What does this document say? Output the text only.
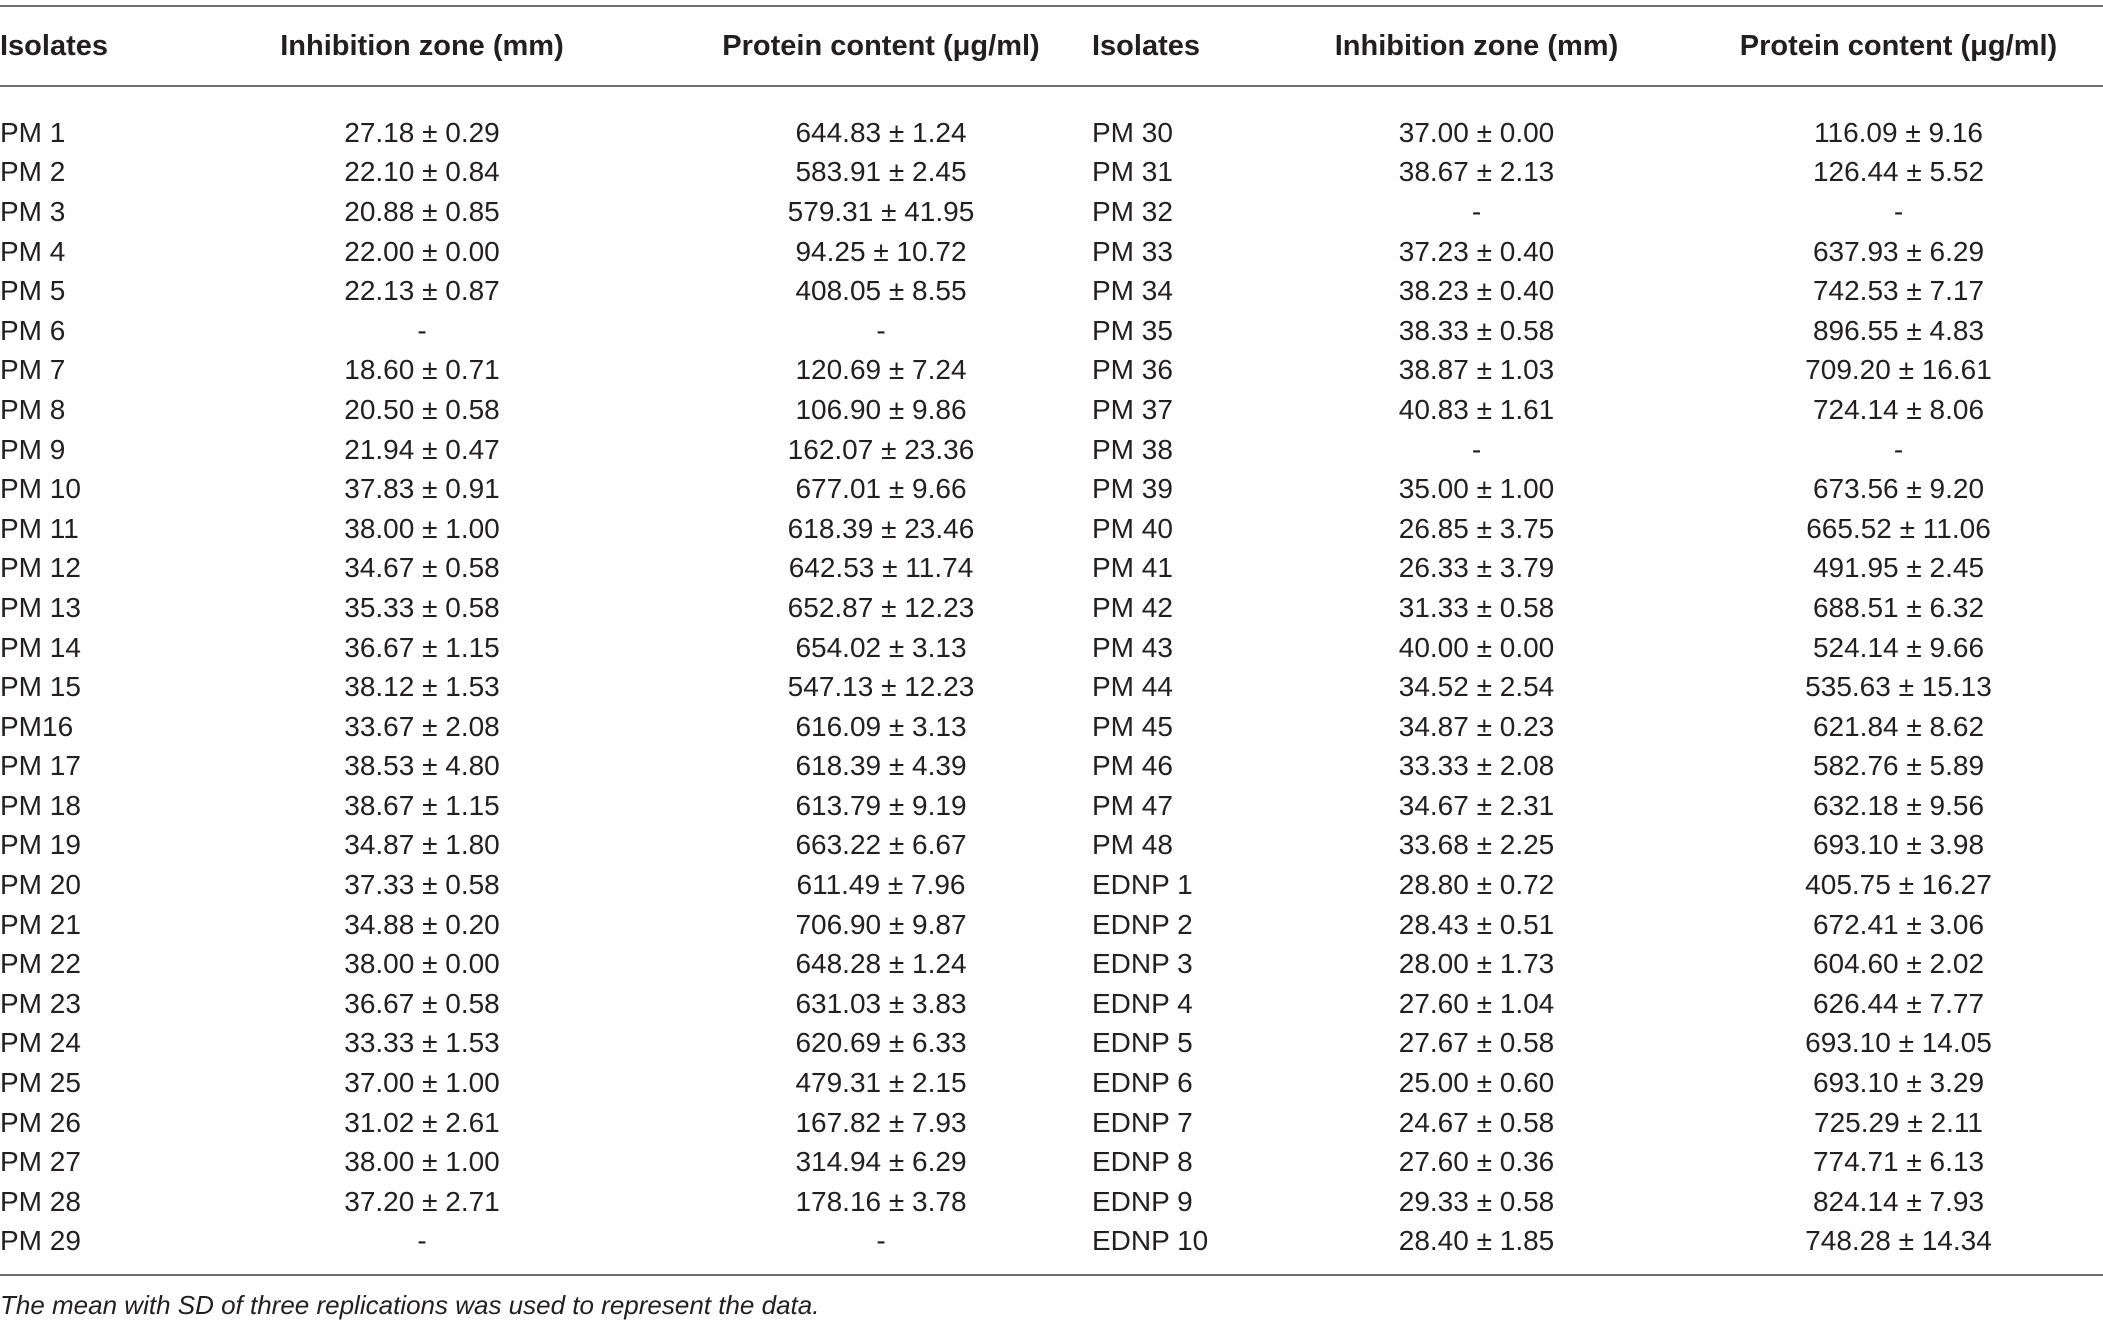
Isolates	Inhibition zone (mm)	Protein content (μg/ml)	Isolates	Inhibition zone (mm)	Protein content (μg/ml)
PM 1	27.18 ± 0.29	644.83 ± 1.24	PM 30	37.00 ± 0.00	116.09 ± 9.16
PM 2	22.10 ± 0.84	583.91 ± 2.45	PM 31	38.67 ± 2.13	126.44 ± 5.52
PM 3	20.88 ± 0.85	579.31 ± 41.95	PM 32	-	-
PM 4	22.00 ± 0.00	94.25 ± 10.72	PM 33	37.23 ± 0.40	637.93 ± 6.29
PM 5	22.13 ± 0.87	408.05 ± 8.55	PM 34	38.23 ± 0.40	742.53 ± 7.17
PM 6	-	-	PM 35	38.33 ± 0.58	896.55 ± 4.83
PM 7	18.60 ± 0.71	120.69 ± 7.24	PM 36	38.87 ± 1.03	709.20 ± 16.61
PM 8	20.50 ± 0.58	106.90 ± 9.86	PM 37	40.83 ± 1.61	724.14 ± 8.06
PM 9	21.94 ± 0.47	162.07 ± 23.36	PM 38	-	-
PM 10	37.83 ± 0.91	677.01 ± 9.66	PM 39	35.00 ± 1.00	673.56 ± 9.20
PM 11	38.00 ± 1.00	618.39 ± 23.46	PM 40	26.85 ± 3.75	665.52 ± 11.06
PM 12	34.67 ± 0.58	642.53 ± 11.74	PM 41	26.33 ± 3.79	491.95 ± 2.45
PM 13	35.33 ± 0.58	652.87 ± 12.23	PM 42	31.33 ± 0.58	688.51 ± 6.32
PM 14	36.67 ± 1.15	654.02 ± 3.13	PM 43	40.00 ± 0.00	524.14 ± 9.66
PM 15	38.12 ± 1.53	547.13 ± 12.23	PM 44	34.52 ± 2.54	535.63 ± 15.13
PM16	33.67 ± 2.08	616.09 ± 3.13	PM 45	34.87 ± 0.23	621.84 ± 8.62
PM 17	38.53 ± 4.80	618.39 ± 4.39	PM 46	33.33 ± 2.08	582.76 ± 5.89
PM 18	38.67 ± 1.15	613.79 ± 9.19	PM 47	34.67 ± 2.31	632.18 ± 9.56
PM 19	34.87 ± 1.80	663.22 ± 6.67	PM 48	33.68 ± 2.25	693.10 ± 3.98
PM 20	37.33 ± 0.58	611.49 ± 7.96	EDNP 1	28.80 ± 0.72	405.75 ± 16.27
PM 21	34.88 ± 0.20	706.90 ± 9.87	EDNP 2	28.43 ± 0.51	672.41 ± 3.06
PM 22	38.00 ± 0.00	648.28 ± 1.24	EDNP 3	28.00 ± 1.73	604.60 ± 2.02
PM 23	36.67 ± 0.58	631.03 ± 3.83	EDNP 4	27.60 ± 1.04	626.44 ± 7.77
PM 24	33.33 ± 1.53	620.69 ± 6.33	EDNP 5	27.67 ± 0.58	693.10 ± 14.05
PM 25	37.00 ± 1.00	479.31 ± 2.15	EDNP 6	25.00 ± 0.60	693.10 ± 3.29
PM 26	31.02 ± 2.61	167.82 ± 7.93	EDNP 7	24.67 ± 0.58	725.29 ± 2.11
PM 27	38.00 ± 1.00	314.94 ± 6.29	EDNP 8	27.60 ± 0.36	774.71 ± 6.13
PM 28	37.20 ± 2.71	178.16 ± 3.78	EDNP 9	29.33 ± 0.58	824.14 ± 7.93
PM 29	-	-	EDNP 10	28.40 ± 1.85	748.28 ± 14.34
The mean with SD of three replications was used to represent the data.
